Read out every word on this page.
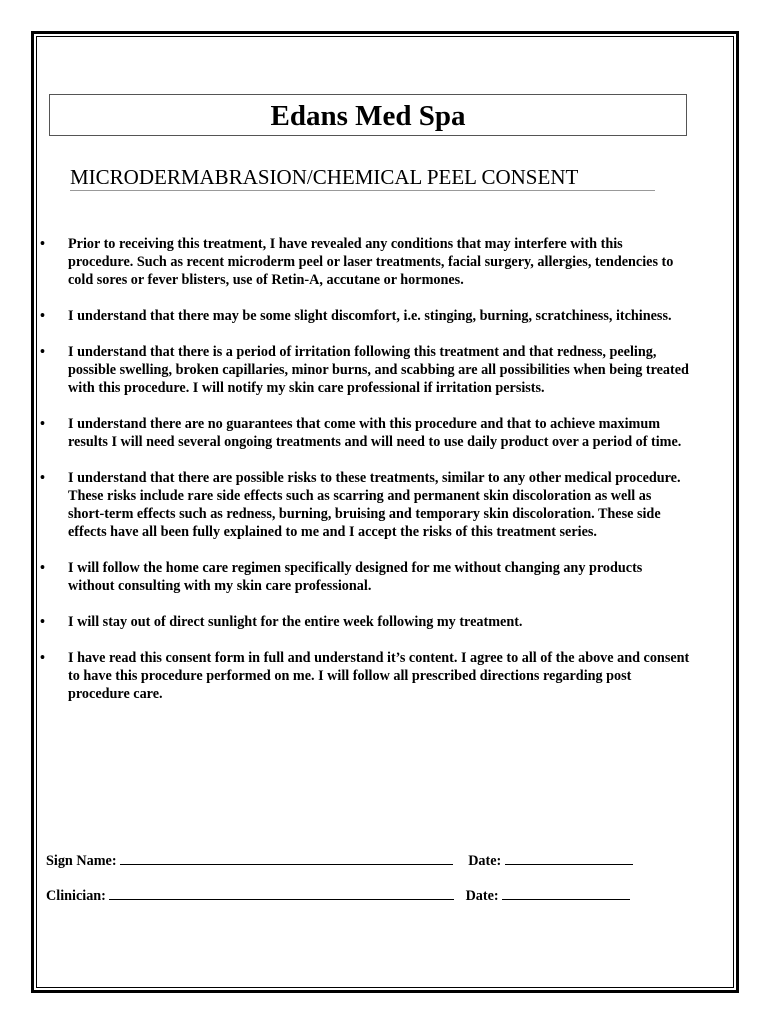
Edans Med Spa
MICRODERMABRASION/CHEMICAL PEEL CONSENT
• Prior to receiving this treatment, I have revealed any conditions that may interfere with this procedure. Such as recent microderm peel or laser treatments, facial surgery, allergies, tendencies to cold sores or fever blisters, use of Retin-A, accutane or hormones.
• I understand that there may be some slight discomfort, i.e. stinging, burning, scratchiness, itchiness.
• I understand that there is a period of irritation following this treatment and that redness, peeling, possible swelling, broken capillaries, minor burns, and scabbing are all possibilities when being treated with this procedure. I will notify my skin care professional if irritation persists.
• I understand there are no guarantees that come with this procedure and that to achieve maximum results I will need several ongoing treatments and will need to use daily product over a period of time.
• I understand that there are possible risks to these treatments, similar to any other medical procedure. These risks include rare side effects such as scarring and permanent skin discoloration as well as short-term effects such as redness, burning, bruising and temporary skin discoloration. These side effects have all been fully explained to me and I accept the risks of this treatment series.
• I will follow the home care regimen specifically designed for me without changing any products without consulting with my skin care professional.
• I will stay out of direct sunlight for the entire week following my treatment.
• I have read this consent form in full and understand it’s content. I agree to all of the above and consent to have this procedure performed on me. I will follow all prescribed directions regarding post procedure care.
Sign Name:	Date:
Clinician:	Date:
